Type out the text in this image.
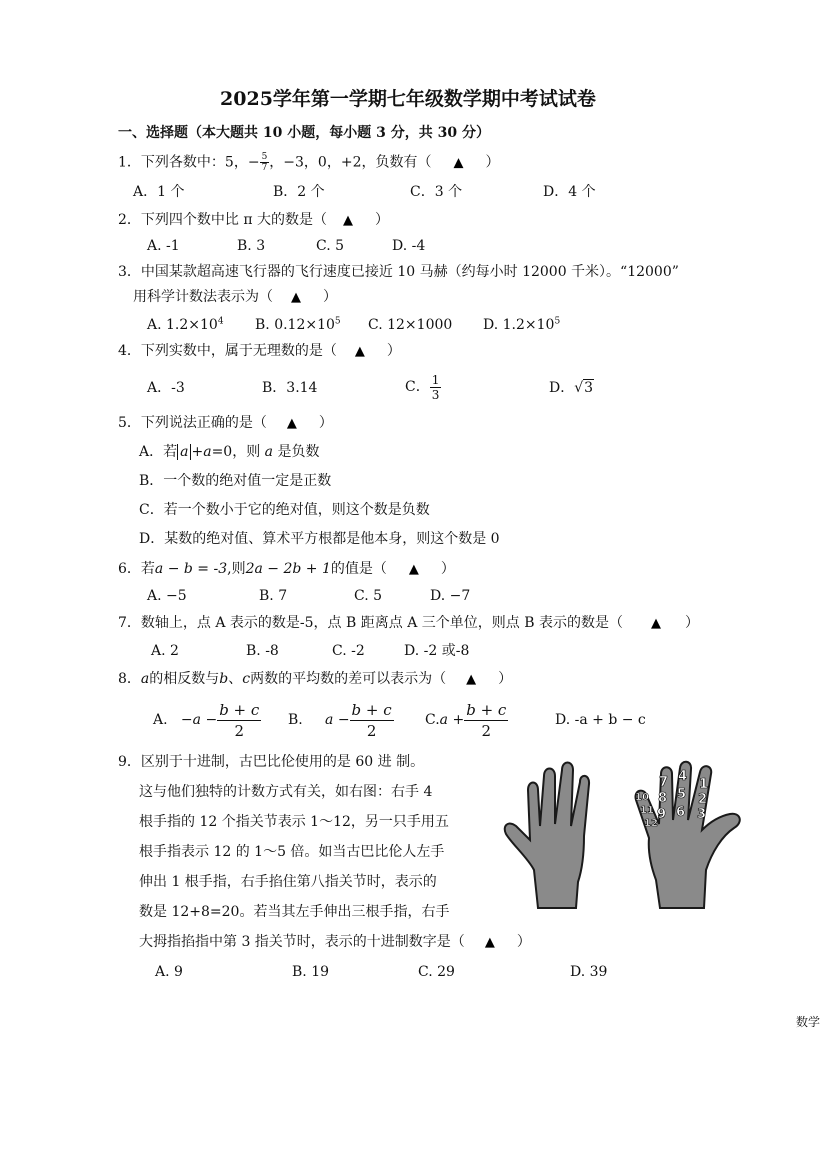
2025学年第一学期七年级数学期中考试试卷
一、选择题（本大题共 10 小题，每小题 3 分，共 30 分）
1．下列各数中：5，− $\frac{5}{7}$ ，−3，0，+2，负数有（ ▲ ）
A．1 个	B．2 个	C．3 个	D．4 个
2．下列四个数中比 π 大的数是（ ▲ ）
A. -1	B. 3	C. 5	D. -4
3．中国某款超高速飞行器的飞行速度已接近 10 马赫（约每小时 12000 千米）。“12000”
用科学计数法表示为（ ▲ ）
A. $1.2\times 10^4$ B. $0.12\times 10^5$ C. 12×1000 D. $1.2\times 10^5$
4．下列实数中，属于无理数的是（ ▲ ）
A．-3	B．3.14	C． $\frac{1}{3}$	D．√3
5．下列说法正确的是（ ▲ ）
A．若 a +a=0，则 a 是负数
B．一个数的绝对值一定是正数
C．若一个数小于它的绝对值，则这个数是负数
D．某数的绝对值、算术平方根都是他本身，则这个数是 0
6．若a − b = -3,则2a − 2b + 1的值是（ ▲ ）
A. −5	B. 7	C. 5	D. −7
7．数轴上，点 A 表示的数是-5，点 B 距离点 A 三个单位，则点 B 表示的数是（ ▲ ）
A. 2	B. -8	C. -2	D. -2 或-8
8．a的相反数与b、c两数的平均数的差可以表示为（ ▲ ）
A. $-a - \frac{b + c}{2} B$. $a - \frac{b + c}{2} C.a + \frac{b + c}{2}$	D. -a + b − c
9．区别于十进制，古巴比伦使用的是 60 进 制。
这与他们独特的计数方式有关，如右图：右手 4
根手指的 12 个指关节表示 1～12，另一只手用五
根手指表示 12 的 1～5 倍。如当古巴比伦人左手
伸出 1 根手指，右手掐住第八指关节时，表示的
数是 12+8=20。若当其左手伸出三根手指，右手
大拇指掐指中第 3 指关节时，表示的十进制数字是（ ▲ ）
A. 9	B. 19	C. 29	D. 39
1
2
3
4
5
6
7
8
9
10
11
12
数学
